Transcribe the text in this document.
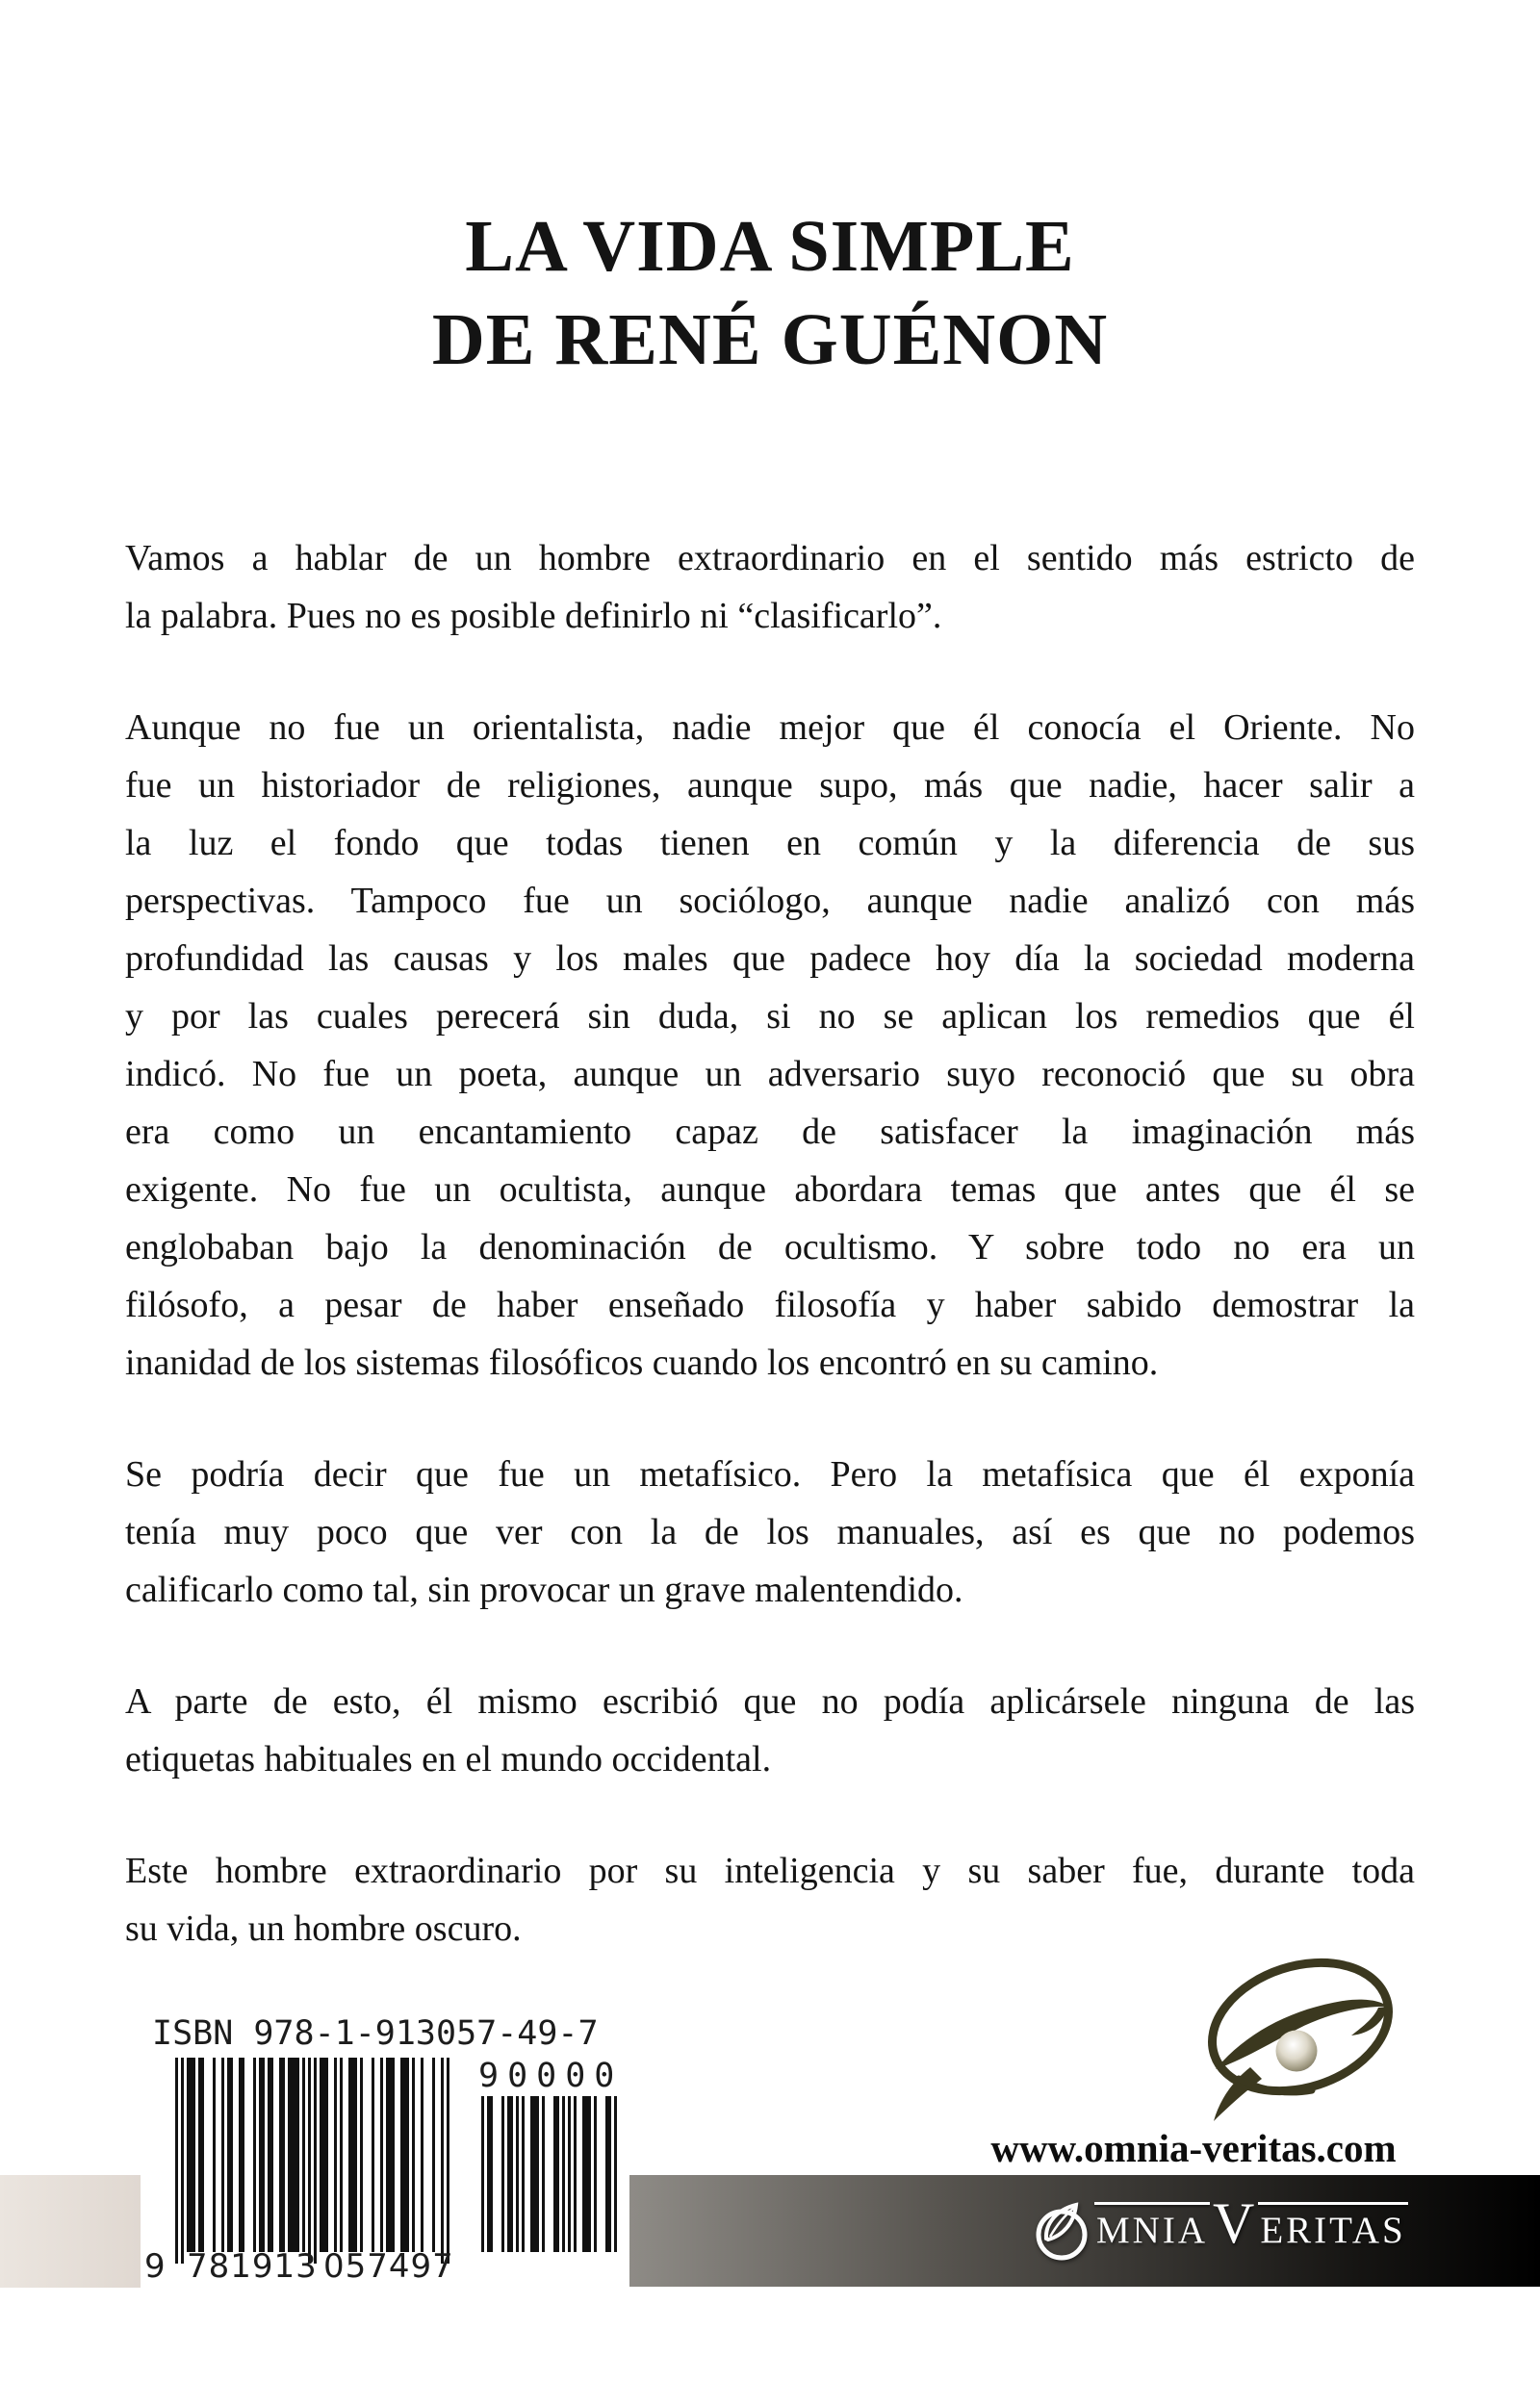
LA VIDA SIMPLE
DE RENÉ GUÉNON
Vamos a hablar de un hombre extraordinario en el sentido más estricto de
la palabra. Pues no es posible definirlo ni “clasificarlo”.
Aunque no fue un orientalista, nadie mejor que él conocía el Oriente. No
fue un historiador de religiones, aunque supo, más que nadie, hacer salir a
la luz el fondo que todas tienen en común y la diferencia de sus
perspectivas. Tampoco fue un sociólogo, aunque nadie analizó con más
profundidad las causas y los males que padece hoy día la sociedad moderna
y por las cuales perecerá sin duda, si no se aplican los remedios que él
indicó. No fue un poeta, aunque un adversario suyo reconoció que su obra
era como un encantamiento capaz de satisfacer la imaginación más
exigente. No fue un ocultista, aunque abordara temas que antes que él se
englobaban bajo la denominación de ocultismo. Y sobre todo no era un
filósofo, a pesar de haber enseñado filosofía y haber sabido demostrar la
inanidad de los sistemas filosóficos cuando los encontró en su camino.
Se podría decir que fue un metafísico. Pero la metafísica que él exponía
tenía muy poco que ver con la de los manuales, así es que no podemos
calificarlo como tal, sin provocar un grave malentendido.
A parte de esto, él mismo escribió que no podía aplicársele ninguna de las
etiquetas habituales en el mundo occidental.
Este hombre extraordinario por su inteligencia y su saber fue, durante toda
su vida, un hombre oscuro.
ISBN 978-1-913057-49-7
90000
9 781913 057497
www.omnia-veritas.com
MNIA V ERITAS
